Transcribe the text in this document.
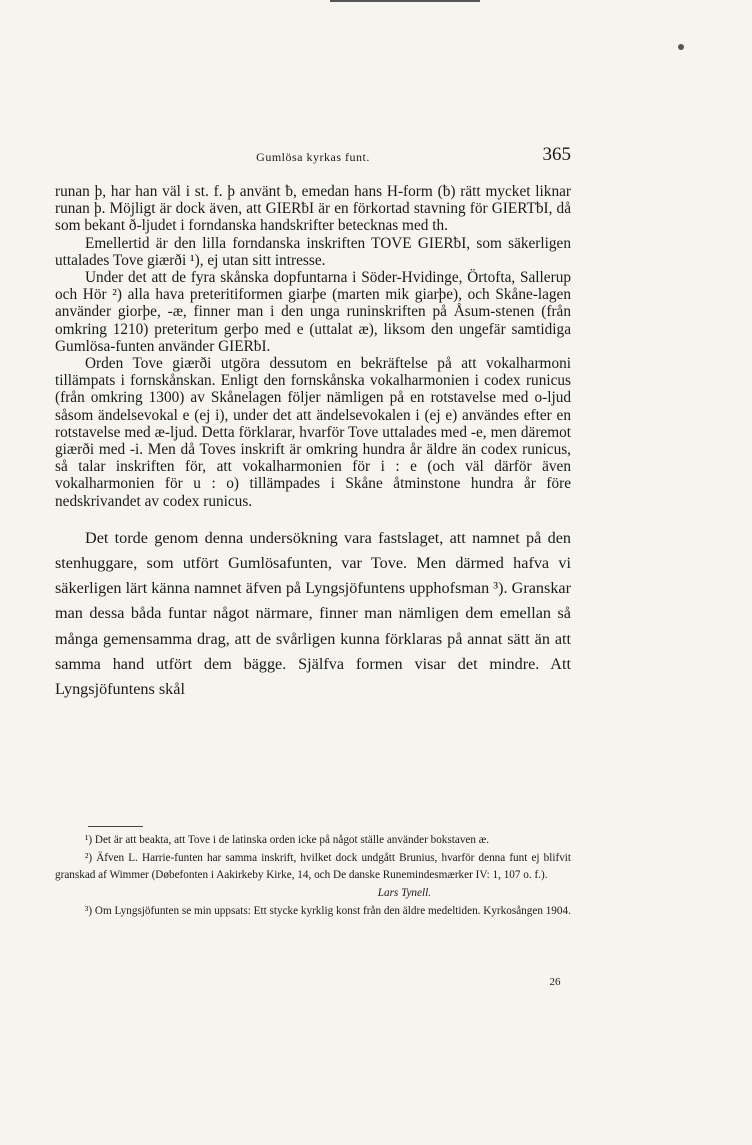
Gumlösa kyrkas funt.	365

runan þ, har han väl i st. f. þ använt ƀ, emedan hans H-form (ƀ) rätt mycket liknar runan þ. Möjligt är dock även, att GIERƀI är en förkortad stavning för GIERTƀI, då som bekant ð-ljudet i forndanska handskrifter betecknas med th.

Emellertid är den lilla forndanska inskriften TOVE GIERƀI, som säkerligen uttalades Tove giærði ¹), ej utan sitt intresse.

Under det att de fyra skånska dopfuntarna i Söder-Hvidinge, Örtofta, Sallerup och Hör ²) alla hava preteritiformen giarþe (marten mik giarþe), och Skåne-lagen använder giorþe, -æ, finner man i den unga runinskriften på Åsum-stenen (från omkring 1210) preteritum gerþo med e (uttalat æ), liksom den ungefär samtidiga Gumlösa-funten använder GIERƀI.

Orden Tove giærði utgöra dessutom en bekräftelse på att vokalharmoni tillämpats i fornskånskan. Enligt den fornskånska vokalharmonien i codex runicus (från omkring 1300) av Skånelagen följer nämligen på en rotstavelse med o-ljud såsom ändelsevokal e (ej i), under det att ändelsevokalen i (ej e) användes efter en rotstavelse med æ-ljud. Detta förklarar, hvarför Tove uttalades med -e, men däremot giærði med -i. Men då Toves inskrift är omkring hundra år äldre än codex runicus, så talar inskriften för, att vokalharmonien för i : e (och väl därför även vokalharmonien för u : o) tillämpades i Skåne åtminstone hundra år före nedskrivandet av codex runicus.

Det torde genom denna undersökning vara fastslaget, att namnet på den stenhuggare, som utfört Gumlösafunten, var Tove. Men därmed hafva vi säkerligen lärt känna namnet äfven på Lyngsjöfuntens upphofsman ³). Granskar man dessa båda funtar något närmare, finner man nämligen dem emellan så många gemensamma drag, att de svårligen kunna förklaras på annat sätt än att samma hand utfört dem bägge. Själfva formen visar det mindre. Att Lyngsjöfuntens skål

¹) Det är att beakta, att Tove i de latinska orden icke på något ställe använder bokstaven æ.

²) Äfven L. Harrie-funten har samma inskrift, hvilket dock undgått Brunius, hvarför denna funt ej blifvit granskad af Wimmer (Døbefonten i Aakirkeby Kirke, 14, och De danske Runemindesmærker IV: 1, 107 o. f.).

Lars Tynell.

³) Om Lyngsjöfunten se min uppsats: Ett stycke kyrklig konst från den äldre medeltiden. Kyrkosången 1904.

26
